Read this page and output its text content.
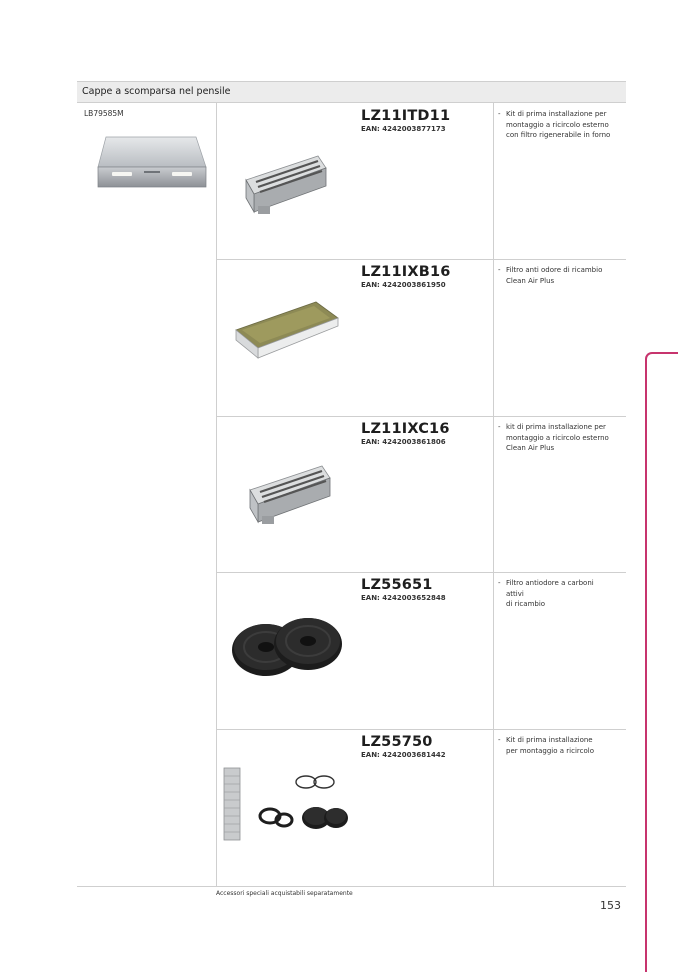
Cappe a scomparsa nel pensile
LB79585M	LZ11ITD11
EAN: 4242003877173
- Kit di prima installazione per
montaggio a ricircolo esterno
con filtro rigenerabile in forno
LZ11IXB16
EAN: 4242003861950
- Filtro anti odore di ricambio
Clean Air Plus
LZ11IXC16
EAN: 4242003861806
- kit di prima installazione per
montaggio a ricircolo esterno
Clean Air Plus
LZ55651
EAN: 4242003652848
- Filtro antiodore a carboni
attivi
di ricambio
LZ55750
EAN: 4242003681442
- Kit di prima installazione
per montaggio a ricircolo
Accessori speciali acquistabili separatamente
153
